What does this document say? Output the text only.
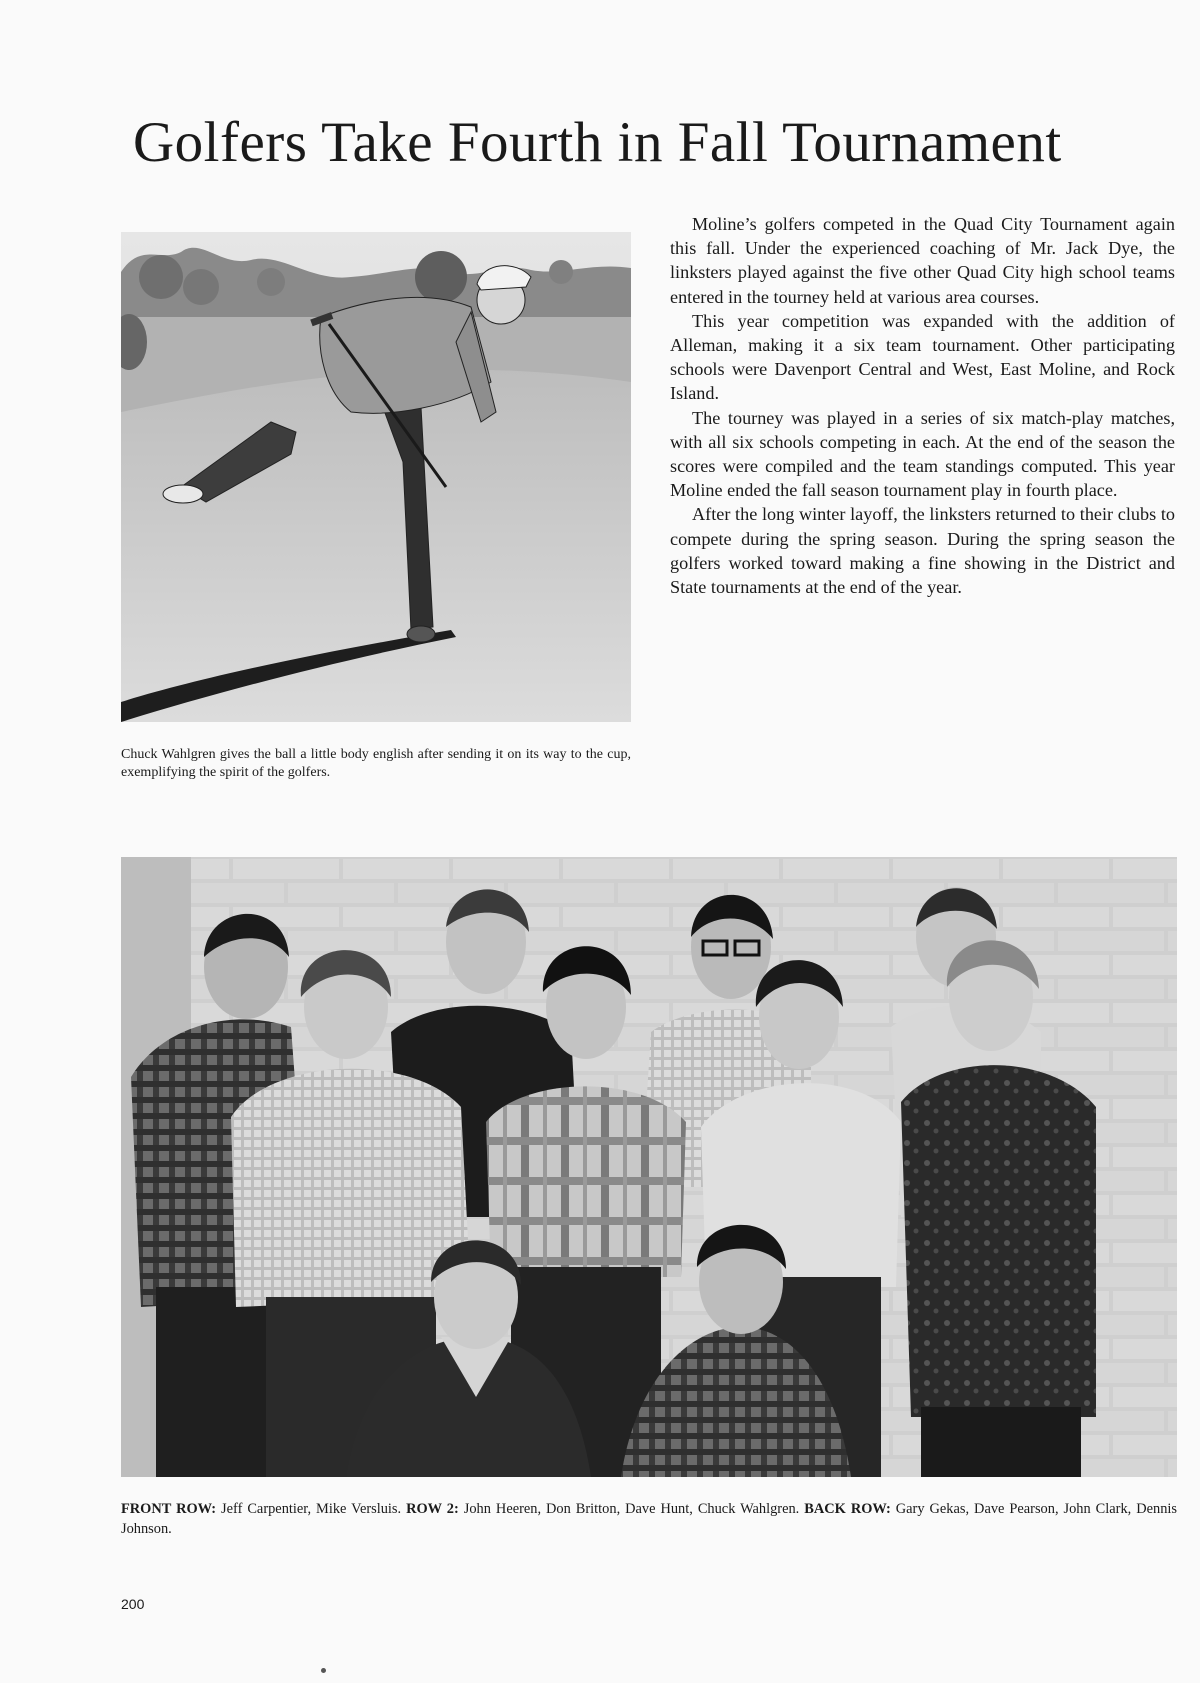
Golfers Take Fourth in Fall Tournament

Chuck Wahlgren gives the ball a little body english after sending it on its way to the cup, exemplifying the spirit of the golfers.

Moline’s golfers competed in the Quad City Tournament again this fall. Under the experienced coaching of Mr. Jack Dye, the linksters played against the five other Quad City high school teams entered in the tourney held at various area courses.

This year competition was expanded with the addition of Alleman, making it a six team tournament. Other participating schools were Davenport Central and West, East Moline, and Rock Island.

The tourney was played in a series of six match-play matches, with all six schools competing in each. At the end of the season the scores were compiled and the team standings computed. This year Moline ended the fall season tournament play in fourth place.

After the long winter layoff, the linksters returned to their clubs to compete during the spring season. During the spring season the golfers worked toward making a fine showing in the District and State tournaments at the end of the year.

FRONT ROW: Jeff Carpentier, Mike Versluis. ROW 2: John Heeren, Don Britton, Dave Hunt, Chuck Wahlgren. BACK ROW: Gary Gekas, Dave Pearson, John Clark, Dennis Johnson.

200
